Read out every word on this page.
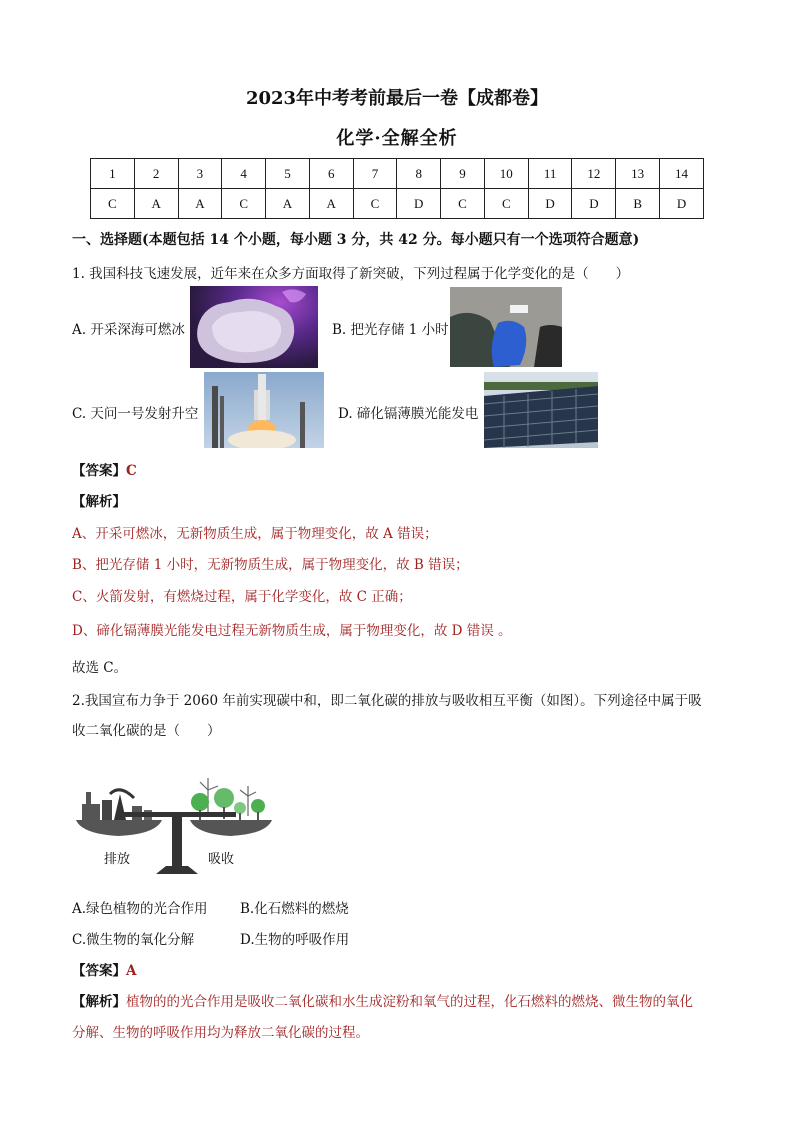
2023年中考考前最后一卷【成都卷】
化学·全解全析
1	2	3	4	5	6	7	8	9	10	11	12	13	14
C	A	A	C	A	A	C	D	C	C	D	D	B	D
一、选择题(本题包括 14 个小题，每小题 3 分，共 42 分。每小题只有一个选项符合题意)
1. 我国科技飞速发展，近年来在众多方面取得了新突破，下列过程属于化学变化的是（　　）
A. 开采深海可燃冰	B. 把光存储 1 小时
C. 天问一号发射升空	D. 碲化镉薄膜光能发电
【答案】C
【解析】
A、开采可燃冰，无新物质生成，属于物理变化，故 A 错误；
B、把光存储 1 小时，无新物质生成，属于物理变化，故 B 错误；
C、火箭发射，有燃烧过程，属于化学变化，故 C 正确；
D、碲化镉薄膜光能发电过程无新物质生成，属于物理变化，故 D 错误 。
故选 C。
2.我国宣布力争于 2060 年前实现碳中和，即二氧化碳的排放与吸收相互平衡（如图）。下列途径中属于吸
收二氧化碳的是（　　）
排放	吸收
A.绿色植物的光合作用 B.化石燃料的燃烧
C.微生物的氧化分解	D.生物的呼吸作用
【答案】A
【解析】植物的的光合作用是吸收二氧化碳和水生成淀粉和氧气的过程，化石燃料的燃烧、微生物的氧化
分解、生物的呼吸作用均为释放二氧化碳的过程。
